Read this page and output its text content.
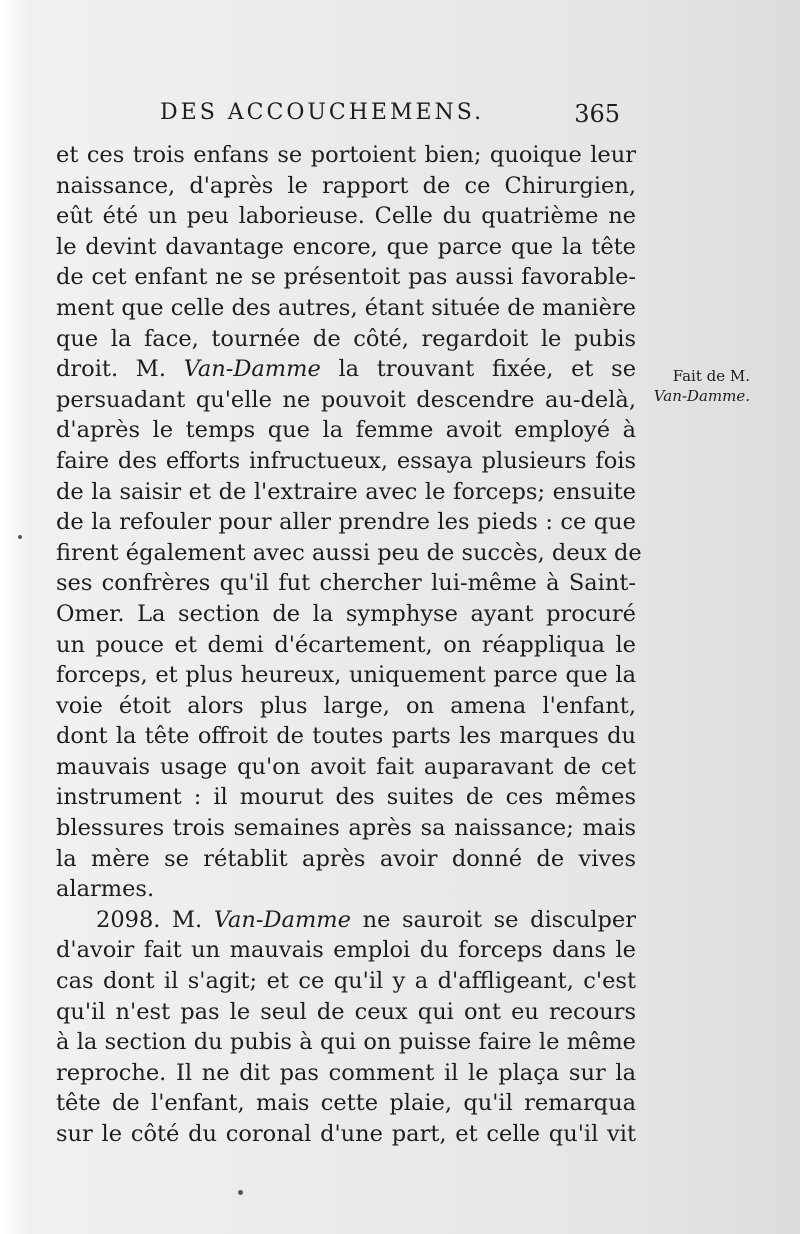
DES ACCOUCHEMENS.	365
et ces trois enfans se portoient bien; quoique leur
naissance, d'après le rapport de ce Chirurgien,
eût été un peu laborieuse. Celle du quatrième ne
le devint davantage encore, que parce que la tête
de cet enfant ne se présentoit pas aussi favorable-
ment que celle des autres, étant située de manière
que la face, tournée de côté, regardoit le pubis
droit. M. Van-Damme la trouvant fixée, et se
persuadant qu'elle ne pouvoit descendre au-delà,
d'après le temps que la femme avoit employé à
faire des efforts infructueux, essaya plusieurs fois
de la saisir et de l'extraire avec le forceps; ensuite
de la refouler pour aller prendre les pieds : ce que
firent également avec aussi peu de succès, deux de
ses confrères qu'il fut chercher lui-même à Saint-
Omer. La section de la symphyse ayant procuré
un pouce et demi d'écartement, on réappliqua le
forceps, et plus heureux, uniquement parce que la
voie étoit alors plus large, on amena l'enfant,
dont la tête offroit de toutes parts les marques du
mauvais usage qu'on avoit fait auparavant de cet
instrument : il mourut des suites de ces mêmes
blessures trois semaines après sa naissance; mais
la mère se rétablit après avoir donné de vives
alarmes.
2098. M. Van-Damme ne sauroit se disculper
d'avoir fait un mauvais emploi du forceps dans le
cas dont il s'agit; et ce qu'il y a d'affligeant, c'est
qu'il n'est pas le seul de ceux qui ont eu recours
à la section du pubis à qui on puisse faire le même
reproche. Il ne dit pas comment il le plaça sur la
tête de l'enfant, mais cette plaie, qu'il remarqua
sur le côté du coronal d'une part, et celle qu'il vit
Fait de M.
Van-Damme.
